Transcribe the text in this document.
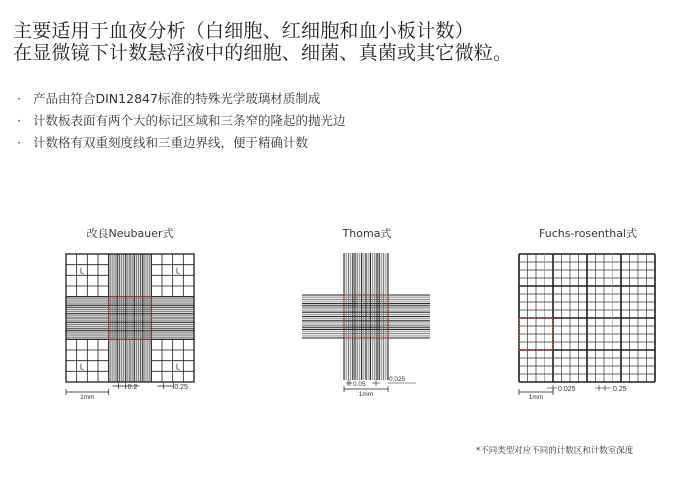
主要适用于血夜分析（白细胞、红细胞和血小板计数）
在显微镜下计数悬浮液中的细胞、细菌、真菌或其它微粒。
· 产品由符合DIN12847标准的特殊光学玻璃材质制成
· 计数板表面有两个大的标记区域和三条窄的隆起的抛光边
· 计数格有双重刻度线和三重边界线，便于精确计数
改良Neubauer式	Thoma式	Fuchs-rosenthal式
L	L
L	L
1mm
0.2	0.25	0.05
0.025
1mm
0.025	0.25
1mm
*不同类型对应不同的计数区和计数室深度
